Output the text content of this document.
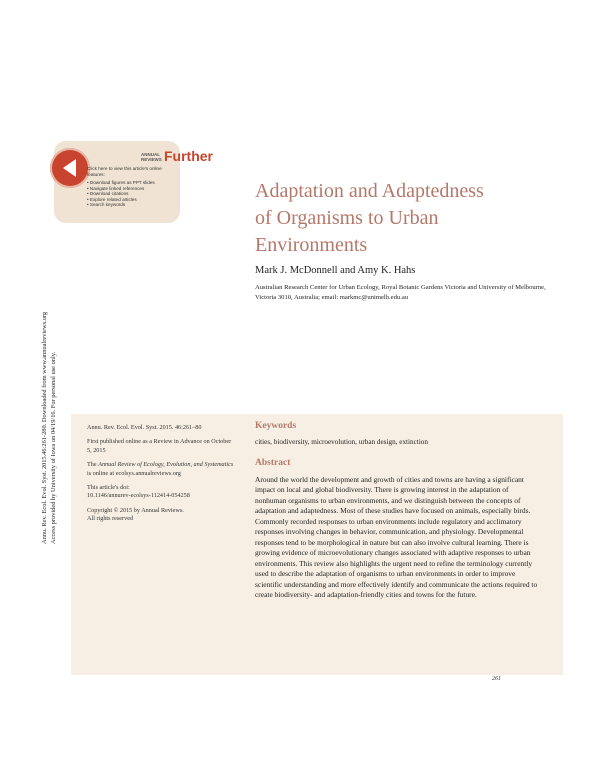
ANNUAL
REVIEWS Further
Click here to view this article's online features:
• Download figures as PPT slides
• Navigate linked references
• Download citations
• Explore related articles
• Search keywords
Annu. Rev. Ecol. Evol. Syst. 2015.46:261-280. Downloaded from www.annualreviews.org Access provided by University of Iowa on 04/19/16. For personal use only.
Adaptation and Adaptedness of Organisms to Urban Environments
Mark J. McDonnell and Amy K. Hahs
Australian Research Center for Urban Ecology, Royal Botanic Gardens Victoria and University of Melbourne, Victoria 3010, Australia; email: markmc@unimelb.edu.au

Annu. Rev. Ecol. Evol. Syst. 2015. 46:261–80

First published online as a Review in Advance on October 5, 2015

The Annual Review of Ecology, Evolution, and Systematics is online at ecolsys.annualreviews.org

This article's doi:
10.1146/annurev-ecolsys-112414-054258

Copyright © 2015 by Annual Reviews.
All rights reserved

Keywords
cities, biodiversity, microevolution, urban design, extinction
Abstract
Around the world the development and growth of cities and towns are having a significant impact on local and global biodiversity. There is growing interest in the adaptation of nonhuman organisms to urban environments, and we distinguish between the concepts of adaptation and adaptedness. Most of these studies have focused on animals, especially birds. Commonly recorded responses to urban environments include regulatory and acclimatory responses involving changes in behavior, communication, and physiology. Developmental responses tend to be morphological in nature but can also involve cultural learning. There is growing evidence of microevolutionary changes associated with adaptive responses to urban environments. This review also highlights the urgent need to refine the terminology currently used to describe the adaptation of organisms to urban environments in order to improve scientific understanding and more effectively identify and communicate the actions required to create biodiversity- and adaptation-friendly cities and towns for the future.
261
